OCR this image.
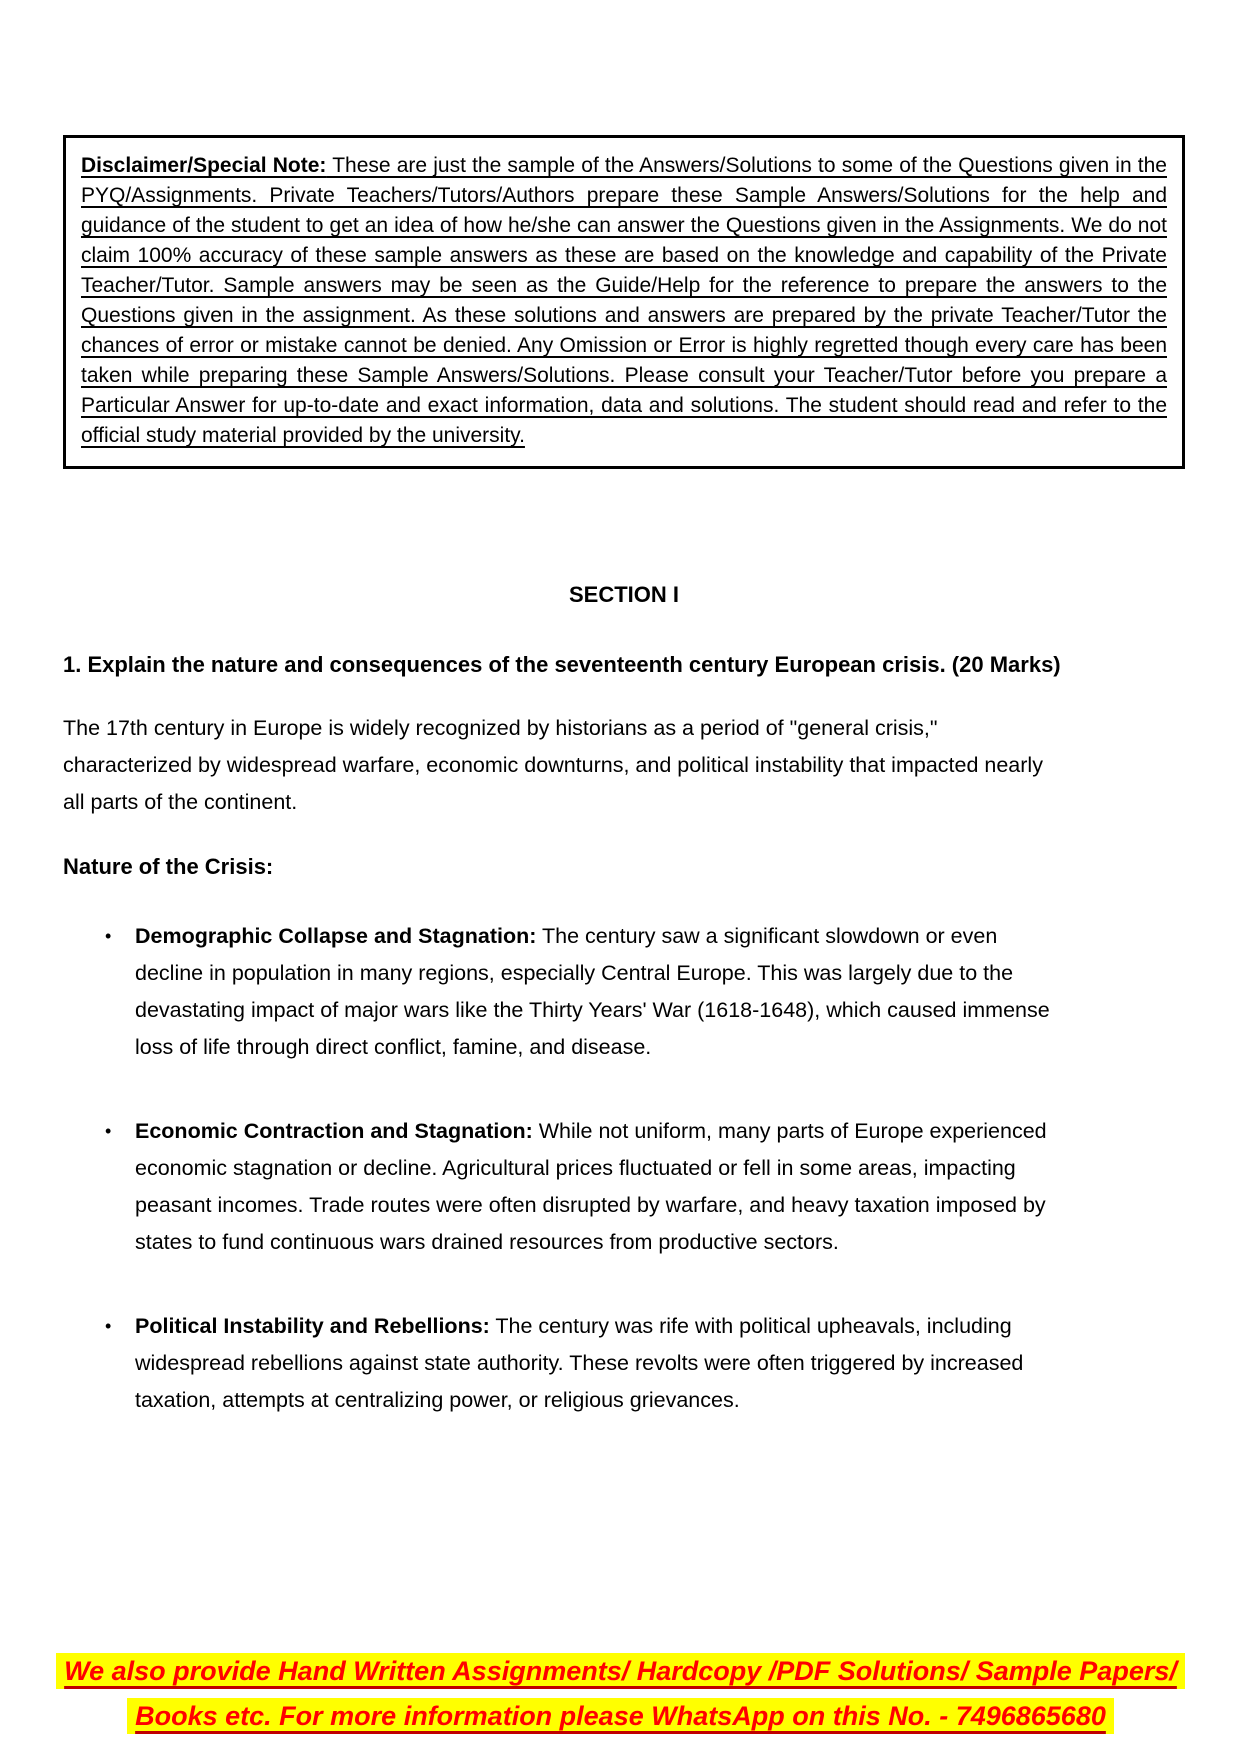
Disclaimer/Special Note: These are just the sample of the Answers/Solutions to some of the Questions given in the PYQ/Assignments. Private Teachers/Tutors/Authors prepare these Sample Answers/Solutions for the help and guidance of the student to get an idea of how he/she can answer the Questions given in the Assignments. We do not claim 100% accuracy of these sample answers as these are based on the knowledge and capability of the Private Teacher/Tutor. Sample answers may be seen as the Guide/Help for the reference to prepare the answers to the Questions given in the assignment. As these solutions and answers are prepared by the private Teacher/Tutor the chances of error or mistake cannot be denied. Any Omission or Error is highly regretted though every care has been taken while preparing these Sample Answers/Solutions. Please consult your Teacher/Tutor before you prepare a Particular Answer for up-to-date and exact information, data and solutions. The student should read and refer to the official study material provided by the university.

SECTION I
1. Explain the nature and consequences of the seventeenth century European crisis. (20 Marks)

The 17th century in Europe is widely recognized by historians as a period of "general crisis," characterized by widespread warfare, economic downturns, and political instability that impacted nearly all parts of the continent.

Nature of the Crisis:
• Demographic Collapse and Stagnation: The century saw a significant slowdown or even decline in population in many regions, especially Central Europe. This was largely due to the devastating impact of major wars like the Thirty Years' War (1618-1648), which caused immense loss of life through direct conflict, famine, and disease.
• Economic Contraction and Stagnation: While not uniform, many parts of Europe experienced economic stagnation or decline. Agricultural prices fluctuated or fell in some areas, impacting peasant incomes. Trade routes were often disrupted by warfare, and heavy taxation imposed by states to fund continuous wars drained resources from productive sectors.
• Political Instability and Rebellions: The century was rife with political upheavals, including widespread rebellions against state authority. These revolts were often triggered by increased taxation, attempts at centralizing power, or religious grievances.
We also provide Hand Written Assignments/ Hardcopy /PDF Solutions/ Sample Papers/
Books etc. For more information please WhatsApp on this No. - 7496865680
